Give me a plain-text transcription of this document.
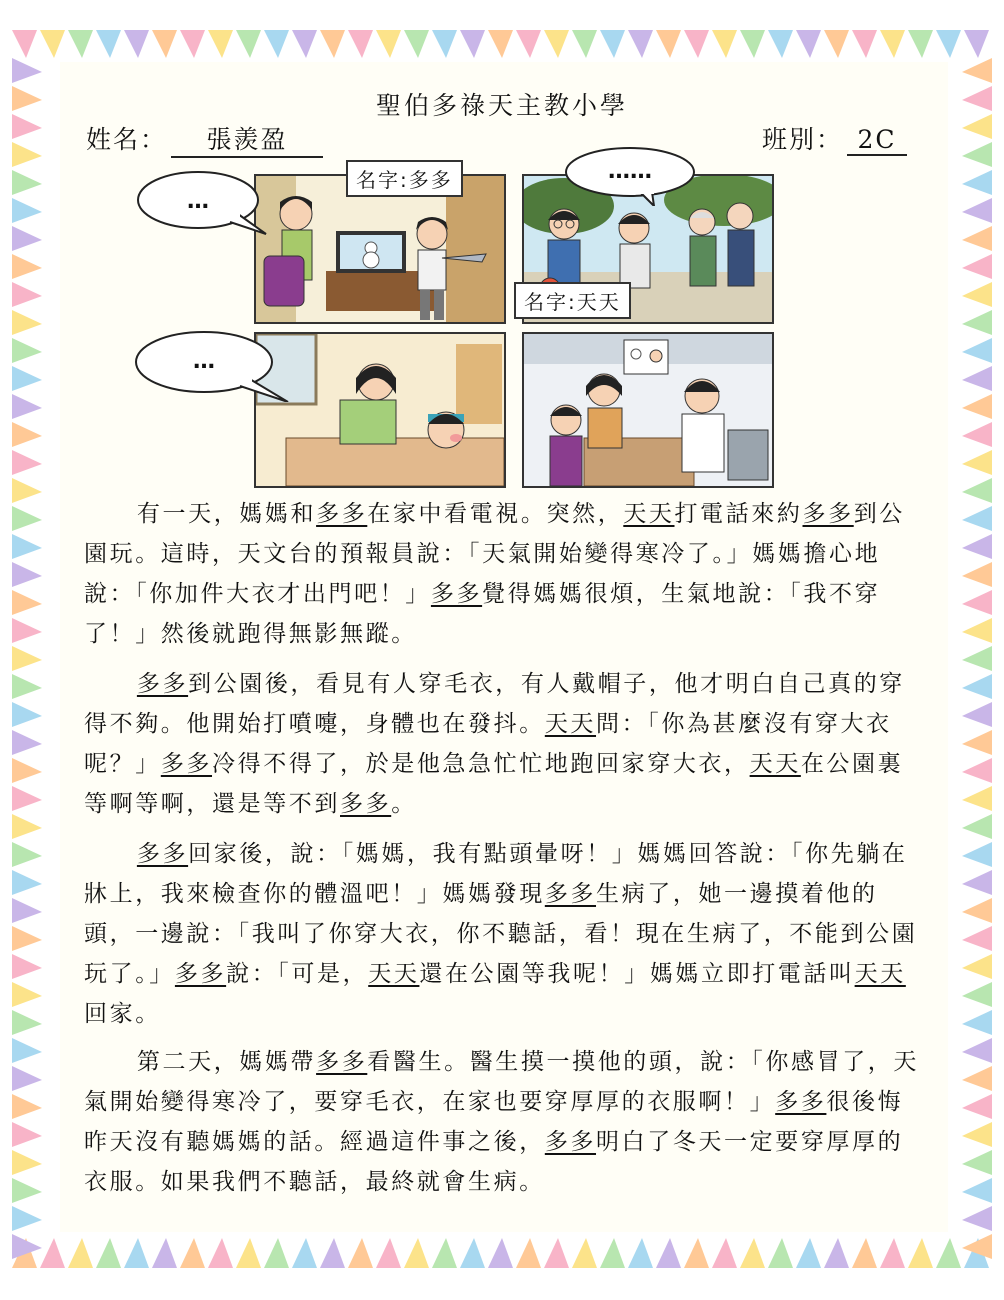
聖伯多祿天主教小學
姓名： 張羨盈	班別： 2C
名字:多多
…
名字:天天
……
…

有一天，媽媽和多多在家中看電視。突然，天天打電話來約多多到公園玩。這時，天文台的預報員說：「天氣開始變得寒冷了。」媽媽擔心地說：「你加件大衣才出門吧！」多多覺得媽媽很煩，生氣地說：「我不穿了！」然後就跑得無影無蹤。

多多到公園後，看見有人穿毛衣，有人戴帽子，他才明白自己真的穿得不夠。他開始打噴嚏，身體也在發抖。天天問：「你為甚麼沒有穿大衣呢？」多多冷得不得了，於是他急急忙忙地跑回家穿大衣，天天在公園裏等啊等啊，還是等不到多多。

多多回家後，說：「媽媽，我有點頭暈呀！」媽媽回答說：「你先躺在牀上，我來檢查你的體溫吧！」媽媽發現多多生病了，她一邊摸着他的頭，一邊說：「我叫了你穿大衣，你不聽話，看！現在生病了，不能到公園玩了。」多多說：「可是，天天還在公園等我呢！」媽媽立即打電話叫天天回家。

第二天，媽媽帶多多看醫生。醫生摸一摸他的頭，說：「你感冒了，天氣開始變得寒冷了，要穿毛衣，在家也要穿厚厚的衣服啊！」多多很後悔昨天沒有聽媽媽的話。經過這件事之後，多多明白了冬天一定要穿厚厚的衣服。如果我們不聽話，最終就會生病。
